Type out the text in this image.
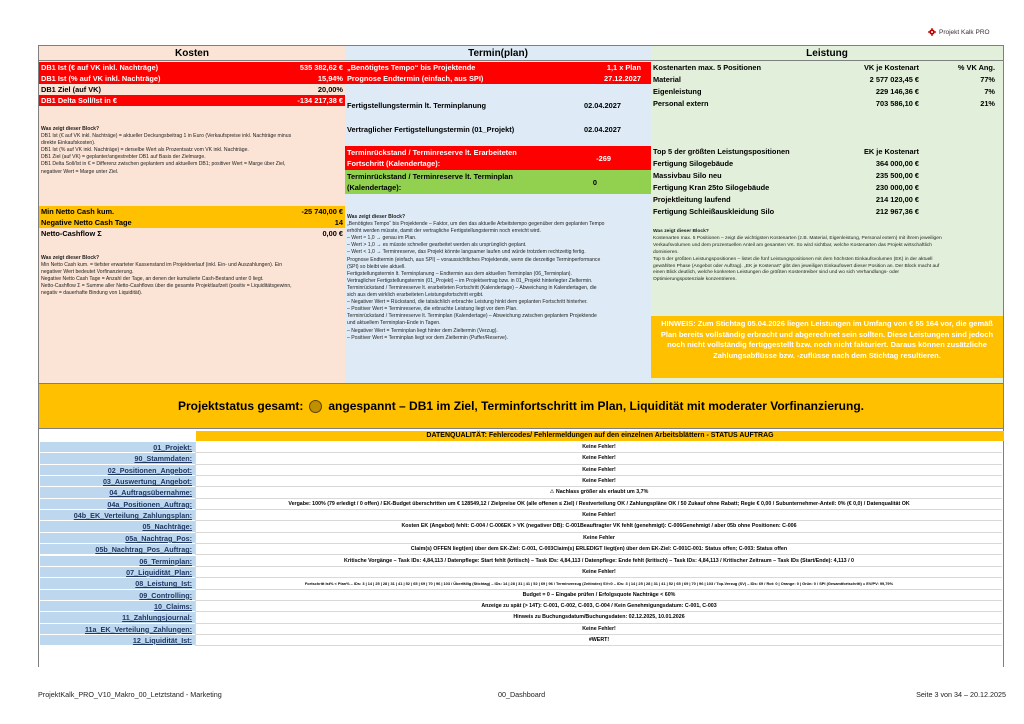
Projekt Kalk PRO
Kosten
DB1 Ist (€ auf VK inkl. Nachträge)	535 382,62 €
DB1 Ist (% auf VK inkl. Nachträge)	15,94%
DB1 Ziel (auf VK)	20,00%
DB1 Delta Soll/Ist in €	-134 217,38 €
Was zeigt dieser Block?
DB1 Ist (€ auf VK inkl. Nachträge) = aktueller Deckungsbeitrag 1 in Euro (Verkaufspreise inkl. Nachträge minus
direkte Einkaufskosten).
DB1 Ist (% auf VK inkl. Nachträge) = derselbe Wert als Prozentsatz vom VK inkl. Nachträge.
DB1 Ziel (auf VK) = geplanter/angestrebter DB1 auf Basis der Zielmarge.
DB1 Delta Soll/Ist in € = Differenz zwischen geplantem und aktuellem DB1; positiver Wert = Marge über Ziel,
negativer Wert = Marge unter Ziel.
Min Netto Cash kum.	-25 740,00 €
Negative Netto Cash Tage	14
Netto-Cashflow Σ	0,00 €
Was zeigt dieser Block?
Min Netto Cash kum. = tiefster erwarteter Kassenstand im Projektverlauf (inkl. Ein- und Auszahlungen). Ein
negativer Wert bedeutet Vorfinanzierung.
Negative Netto Cash Tage = Anzahl der Tage, an denen der kumulierte Cash-Bestand unter 0 liegt.
Netto-Cashflow Σ = Summe aller Netto-Cashflows über die gesamte Projektlaufzeit (positiv = Liquiditätsgewinn,
negativ = dauerhafte Bindung von Liquidität).
Termin(plan)
„Benötigtes Tempo“ bis Projektende	1,1 x Plan
Prognose Endtermin (einfach, aus SPI)	27.12.2027
Fertigstellungstermin lt. Terminplanung	02.04.2027
Vertraglicher Fertigstellungstermin (01_Projekt)	02.04.2027
Terminrückstand / Terminreserve lt. Erarbeiteten
Fortschritt (Kalendertage):
-269
Terminrückstand / Terminreserve lt. Terminplan
(Kalendertage):
0
Was zeigt dieser Block?
„Benötigtes Tempo“ bis Projektende – Faktor, um den das aktuelle Arbeitstempo gegenüber dem geplanten Tempo
erhöht werden müsste, damit der vertragliche Fertigstellungstermin noch erreicht wird.
– Wert ≈ 1,0 → genau im Plan.
– Wert > 1,0 → es müsste schneller gearbeitet werden als ursprünglich geplant.
– Wert < 1,0 → Terminreserve, das Projekt könnte langsamer laufen und würde trotzdem rechtzeitig fertig.
Prognose Endtermin (einfach, aus SPI) – voraussichtliches Projektende, wenn die derzeitige Terminperformance
(SPI) so bleibt wie aktuell.
Fertigstellungstermin lt. Terminplanung – Endtermin aus dem aktuellen Terminplan (06_Terminplan).
Vertraglicher Fertigstellungstermin (01_Projekt) – im Projektvertrag bzw. in 01_Projekt hinterlegter Zieltermin.
Terminrückstand / Terminreserve lt. erarbeiteten Fortschritt (Kalendertage) – Abweichung in Kalendertagen, die
sich aus dem wirklich erarbeiteten Leistungsfortschritt ergibt.
– Negativer Wert = Rückstand, die tatsächlich erbrachte Leistung hinkt dem geplanten Fortschritt hinterher.
– Positiver Wert = Terminreserve, die erbrachte Leistung liegt vor dem Plan.
Terminrückstand / Terminreserve lt. Terminplan (Kalendertage) – Abweichung zwischen geplantem Projektende
und aktuellem Terminplan-Ende in Tagen.
– Negativer Wert = Terminplan liegt hinter dem Zieltermin (Verzug).
– Positiver Wert = Terminplan liegt vor dem Zieltermin (Puffer/Reserve).
Leistung
Kostenarten max. 5 Positionen	VK je Kostenart	% VK Ang.
Material	2 577 023,45 €	77%
Eigenleistung	229 146,36 €	7%
Personal extern	703 586,10 €	21%
Top 5 der größten Leistungspositionen	EK je Kostenart
Fertigung Silogebäude	364 000,00 €
Massivbau Silo neu	235 500,00 €
Fertigung Kran 25to Silogebäude	230 000,00 €
Projektleitung laufend	214 120,00 €
Fertigung Schleißauskleidung Silo	212 967,36 €
Was zeigt dieser Block?
Kostenarten max. 5 Positionen – zeigt die wichtigsten Kostenarten (z.B. Material, Eigenleistung, Personal extern) mit ihrem jeweiligen
Verkaufsvolumen und dem prozentuellen Anteil am gesamten VK. So wird sichtbar, welche Kostenarten das Projekt wirtschaftlich
dominieren.
Top 5 der größten Leistungspositionen – listet die fünf Leistungspositionen mit dem höchsten Einkaufsvolumen (EK) in der aktuell
gewählten Phase (Angebot oder Auftrag). „EK je Kostenart“ gibt den jeweiligen Einkaufswert dieser Position an. Der Block macht auf
einen Blick deutlich, welche konkreten Leistungen die größten Kostentreiber sind und wo sich Verhandlungs- oder
Optimierungspotenziale konzentrieren.
HINWEIS: Zum Stichtag 05.04.2026 liegen Leistungen im Umfang von € 55 164 vor, die gemäß Plan bereits vollständig erbracht und abgerechnet sein sollten. Diese Leistungen sind jedoch noch nicht vollständig fertiggestellt bzw. noch nicht fakturiert. Daraus können zusätzliche Zahlungsabflüsse bzw. -zuflüsse nach dem Stichtag resultieren.
Projektstatus gesamt: angespannt – DB1 im Ziel, Terminfortschritt im Plan, Liquidität mit moderater Vorfinanzierung.
DATENQUALITÄT: Fehlercodes/ Fehlermeldungen auf den einzelnen Arbeitsblättern - STATUS AUFTRAG
01_Projekt:	Keine Fehler!
90_Stammdaten:	Keine Fehler!
02_Positionen_Angebot:	Keine Fehler!
03_Auswertung_Angebot:	Keine Fehler!
04_Auftragsübernahme:	⚠ Nachlass größer als erlaubt um 3,7%
04a_Positionen_Auftrag:	Vergabe: 100% (79 erledigt / 0 offen) / EK-Budget überschritten um € 128549,12 / Zielpreise OK (alle offenen ≤ Ziel) / Restverteilung OK / Zahlungspläne OK / 50 Zukauf ohne Rabatt; Regie € 0,00 / Subunternehmer-Anteil: 0% (€ 0,0) / Datenqualität OK
04b_EK_Verteilung_Zahlungsplan:	Keine Fehler!
05_Nachträge:	Kosten EK (Angebot) fehlt: C-004 / C-006EK > VK (negativer DB): C-001Beauftragter VK fehlt (genehmigt): C-006Genehmigt / aber 05b ohne Positionen: C-006
05a_Nachtrag_Pos:	Keine Fehler
05b_Nachtrag_Pos_Auftrag:	Claim(s) OFFEN liegt(en) über dem EK-Ziel: C-001, C-003Claim(s) ERLEDIGT liegt(en) über dem EK-Ziel: C-001C-001: Status offen; C-003: Status offen
06_Terminplan:	Kritische Vorgänge – Task IDs: 4,84,113 / Datenpflege: Start fehlt (kritisch) – Task IDs: 4,84,113 / Datenpflege: Ende fehlt (kritisch) – Task IDs: 4,84,113 / Kritischer Zeitraum – Task IDs (Start/Ende): 4,113 / 0
07_Liquidität_Plan:	Keine Fehler!
08_Leistung_Ist:	Fortschritt Ist% < Plan% – IDs: 3 | 14 | 25 | 28 | 31 | 41 | 52 | 65 | 69 | 70 | 96 | 103 / Überfällig (Stichtag) – IDs: 14 | 28 | 31 | 41 | 52 | 69 | 96 / Terminverzug (Zeitindex) SV<0 – IDs: 3 | 14 | 25 | 28 | 31 | 41 | 52 | 65 | 69 | 70 | 96 | 103 / Top-Verzug (SV) – IDs: 69 / Rot: 0 | Orange: 0 | Grün: 0 / SPI (Gesamtfortschritt) = EV/PV: 99,79%
09_Controlling:	Budget = 0 – Eingabe prüfen / Erfolgsquote Nachträge < 60%
10_Claims:	Anzeige zu spät (> 14T): C-001, C-002, C-003, C-004 / Kein Genehmigungsdatum: C-001, C-003
11_Zahlungsjournal:	Hinweis zu Buchungsdatum/Buchungsdaten: 02.12.2025, 10.01.2026
11a_EK_Verteilung_Zahlungen:	Keine Fehler!
12_Liquidität_Ist:	#WERT!
ProjektKalk_PRO_V10_Makro_00_Letztstand - Marketing	00_Dashboard	Seite 3 von 34 – 20.12.2025
